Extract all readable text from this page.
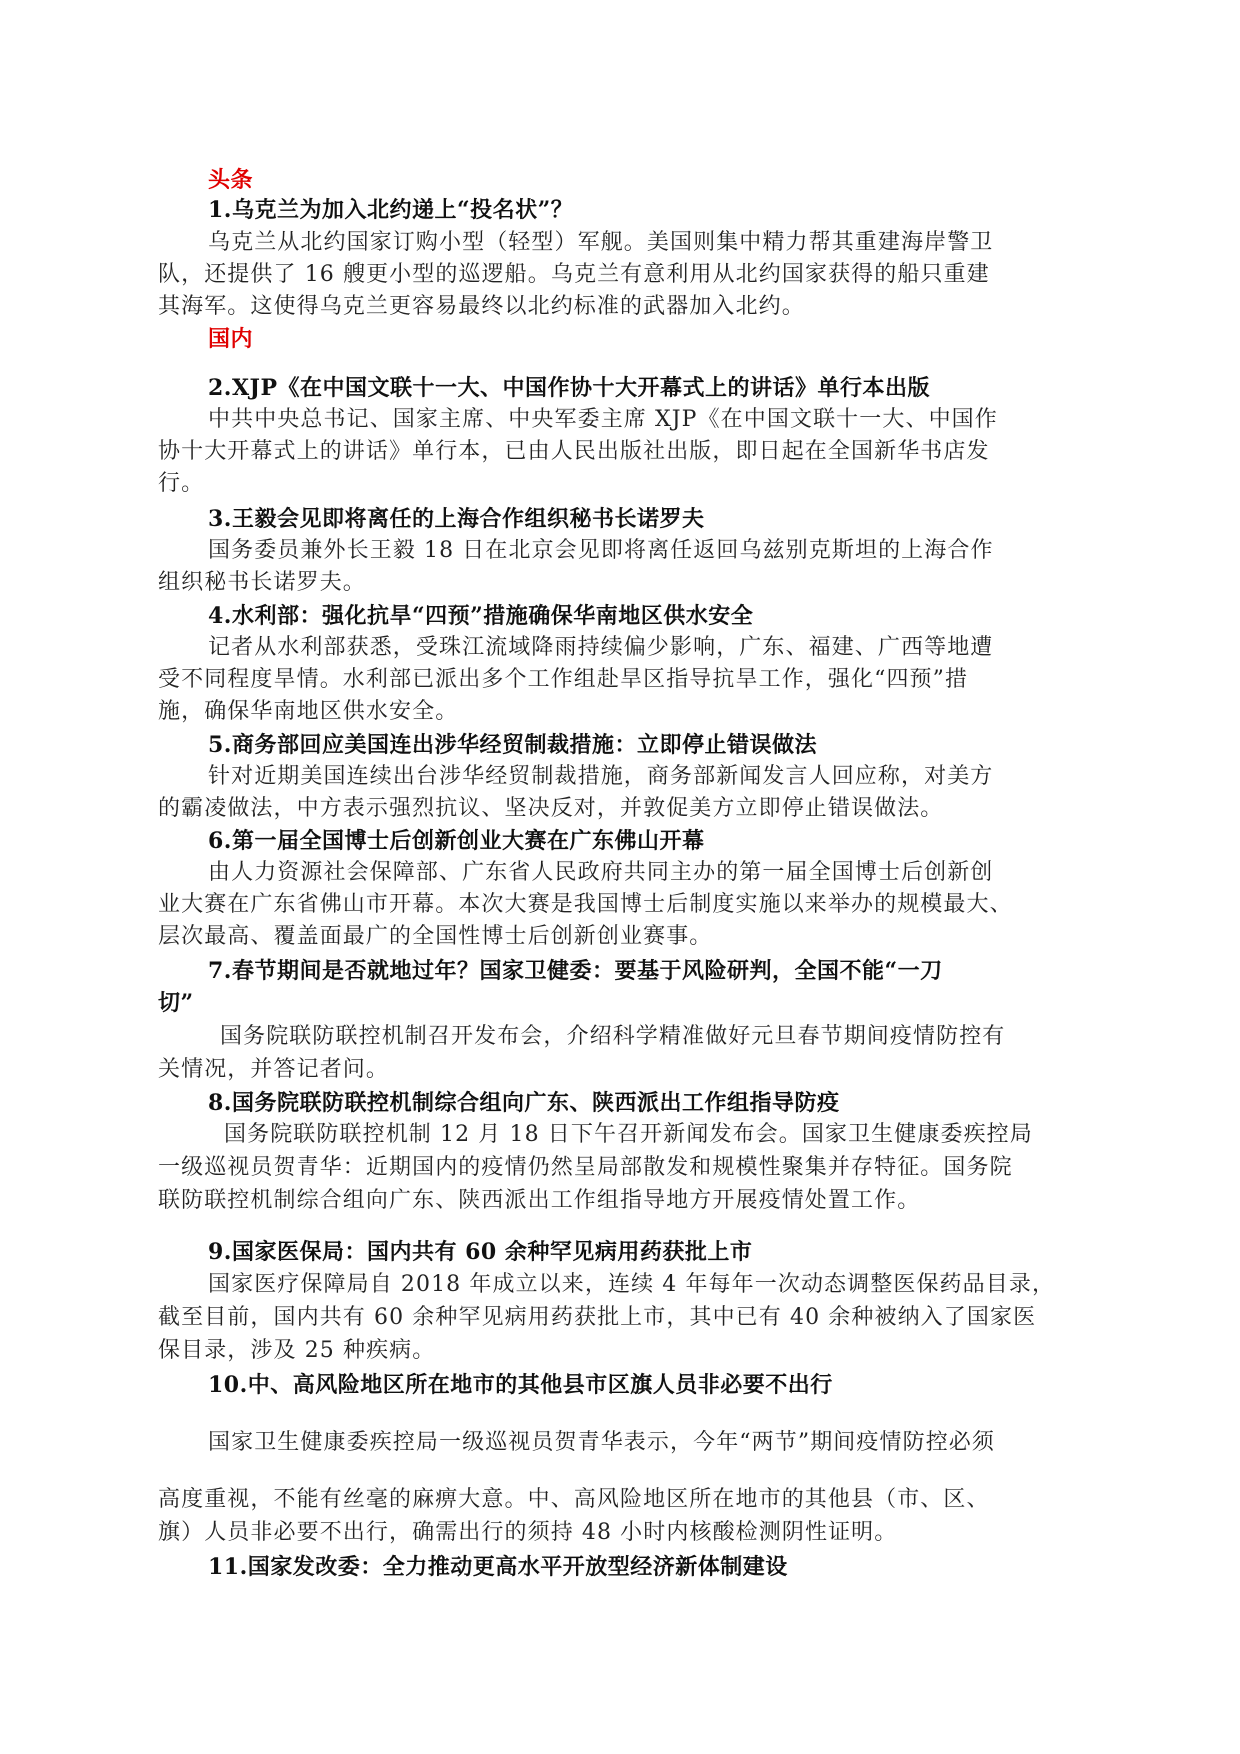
头条
1.乌克兰为加入北约递上“投名状”？
乌克兰从北约国家订购小型（轻型）军舰。美国则集中精力帮其重建海岸警卫
队，还提供了 16 艘更小型的巡逻船。乌克兰有意利用从北约国家获得的船只重建
其海军。这使得乌克兰更容易最终以北约标准的武器加入北约。
国内
2.XJP《在中国文联十一大、中国作协十大开幕式上的讲话》单行本出版
中共中央总书记、国家主席、中央军委主席 XJP《在中国文联十一大、中国作
协十大开幕式上的讲话》单行本，已由人民出版社出版，即日起在全国新华书店发
行。
3.王毅会见即将离任的上海合作组织秘书长诺罗夫
国务委员兼外长王毅 18 日在北京会见即将离任返回乌兹别克斯坦的上海合作
组织秘书长诺罗夫。
4.水利部：强化抗旱“四预”措施确保华南地区供水安全
记者从水利部获悉，受珠江流域降雨持续偏少影响，广东、福建、广西等地遭
受不同程度旱情。水利部已派出多个工作组赴旱区指导抗旱工作，强化“四预”措
施，确保华南地区供水安全。
5.商务部回应美国连出涉华经贸制裁措施：立即停止错误做法
针对近期美国连续出台涉华经贸制裁措施，商务部新闻发言人回应称，对美方
的霸凌做法，中方表示强烈抗议、坚决反对，并敦促美方立即停止错误做法。
6.第一届全国博士后创新创业大赛在广东佛山开幕
由人力资源社会保障部、广东省人民政府共同主办的第一届全国博士后创新创
业大赛在广东省佛山市开幕。本次大赛是我国博士后制度实施以来举办的规模最大、
层次最高、覆盖面最广的全国性博士后创新创业赛事。
7.春节期间是否就地过年？国家卫健委：要基于风险研判，全国不能“一刀
切”
国务院联防联控机制召开发布会，介绍科学精准做好元旦春节期间疫情防控有
关情况，并答记者问。
8.国务院联防联控机制综合组向广东、陕西派出工作组指导防疫
国务院联防联控机制 12 月 18 日下午召开新闻发布会。国家卫生健康委疾控局
一级巡视员贺青华：近期国内的疫情仍然呈局部散发和规模性聚集并存特征。国务院
联防联控机制综合组向广东、陕西派出工作组指导地方开展疫情处置工作。
9.国家医保局：国内共有 60 余种罕见病用药获批上市
国家医疗保障局自 2018 年成立以来，连续 4 年每年一次动态调整医保药品目录，
截至目前，国内共有 60 余种罕见病用药获批上市，其中已有 40 余种被纳入了国家医
保目录，涉及 25 种疾病。
10.中、高风险地区所在地市的其他县市区旗人员非必要不出行
国家卫生健康委疾控局一级巡视员贺青华表示，今年“两节”期间疫情防控必须
高度重视，不能有丝毫的麻痹大意。中、高风险地区所在地市的其他县（市、区、
旗）人员非必要不出行，确需出行的须持 48 小时内核酸检测阴性证明。
11.国家发改委：全力推动更高水平开放型经济新体制建设
